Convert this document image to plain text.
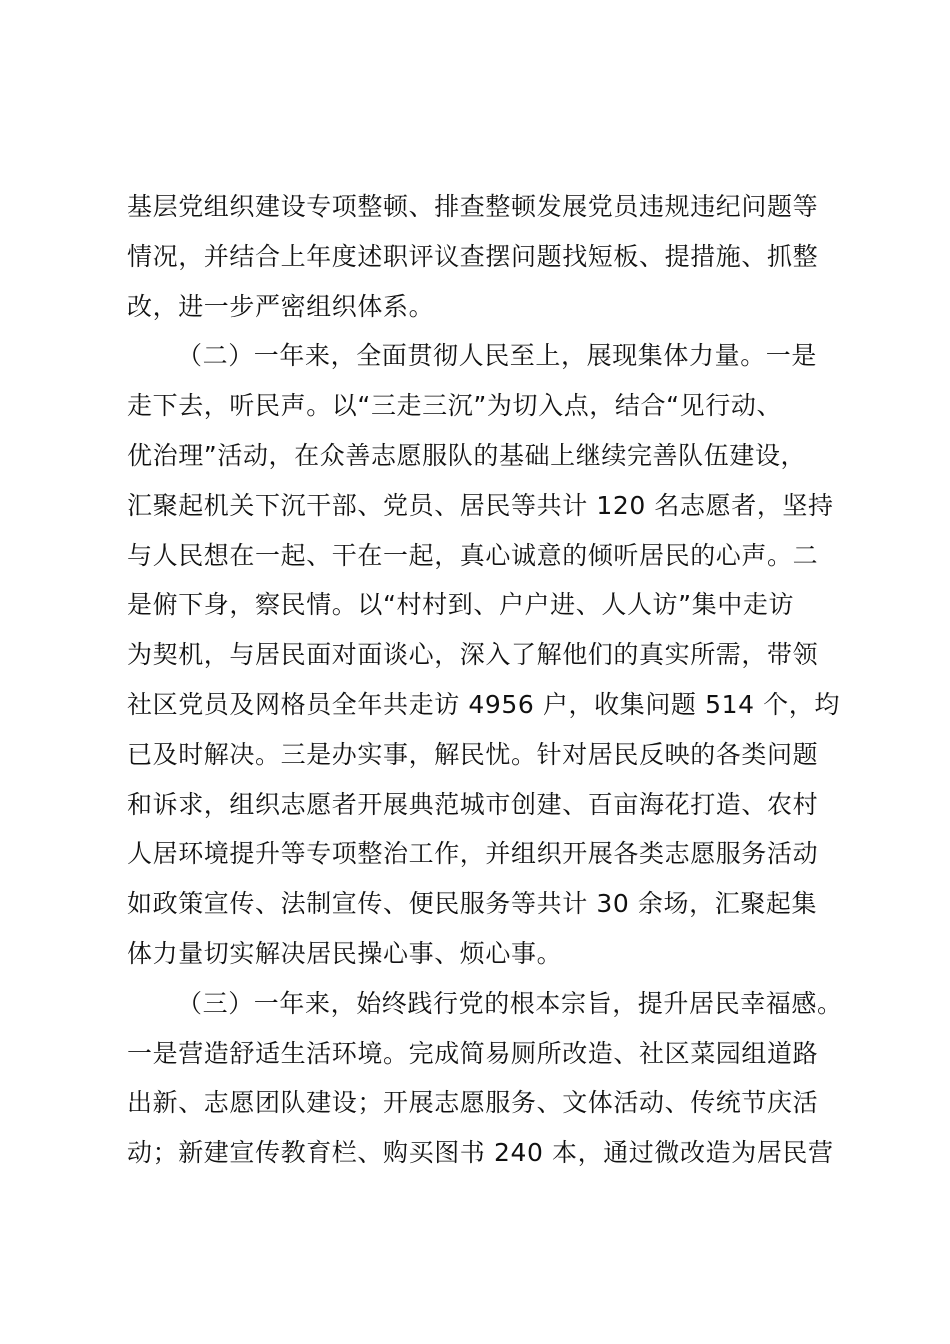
基层党组织建设专项整顿、排查整顿发展党员违规违纪问题等
情况，并结合上年度述职评议查摆问题找短板、提措施、抓整
改，进一步严密组织体系。
（二）一年来，全面贯彻人民至上，展现集体力量。一是
走下去，听民声。以“三走三沉”为切入点，结合“见行动、
优治理”活动，在众善志愿服队的基础上继续完善队伍建设，
汇聚起机关下沉干部、党员、居民等共计 120 名志愿者，坚持
与人民想在一起、干在一起，真心诚意的倾听居民的心声。二
是俯下身，察民情。以“村村到、户户进、人人访”集中走访
为契机，与居民面对面谈心，深入了解他们的真实所需，带领
社区党员及网格员全年共走访 4956 户，收集问题 514 个，均
已及时解决。三是办实事，解民忧。针对居民反映的各类问题
和诉求，组织志愿者开展典范城市创建、百亩海花打造、农村
人居环境提升等专项整治工作，并组织开展各类志愿服务活动
如政策宣传、法制宣传、便民服务等共计 30 余场，汇聚起集
体力量切实解决居民操心事、烦心事。
（三）一年来，始终践行党的根本宗旨，提升居民幸福感。
一是营造舒适生活环境。完成简易厕所改造、社区菜园组道路
出新、志愿团队建设；开展志愿服务、文体活动、传统节庆活
动；新建宣传教育栏、购买图书 240 本，通过微改造为居民营
